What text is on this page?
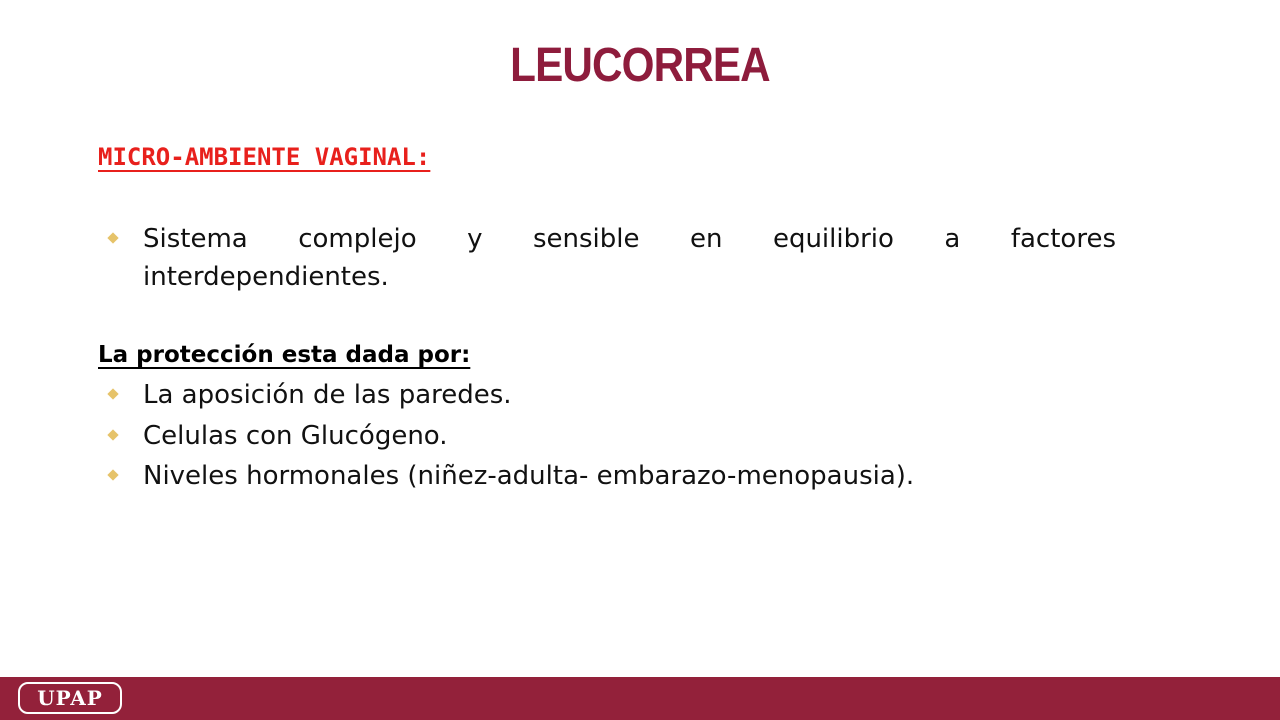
LEUCORREA
MICRO-AMBIENTE VAGINAL:
Sistema complejo y sensible en equilibrio a factores
interdependientes.
La protección esta dada por:
La aposición de las paredes.
Celulas con Glucógeno.
Niveles hormonales (niñez-adulta- embarazo-menopausia).
UPAP
